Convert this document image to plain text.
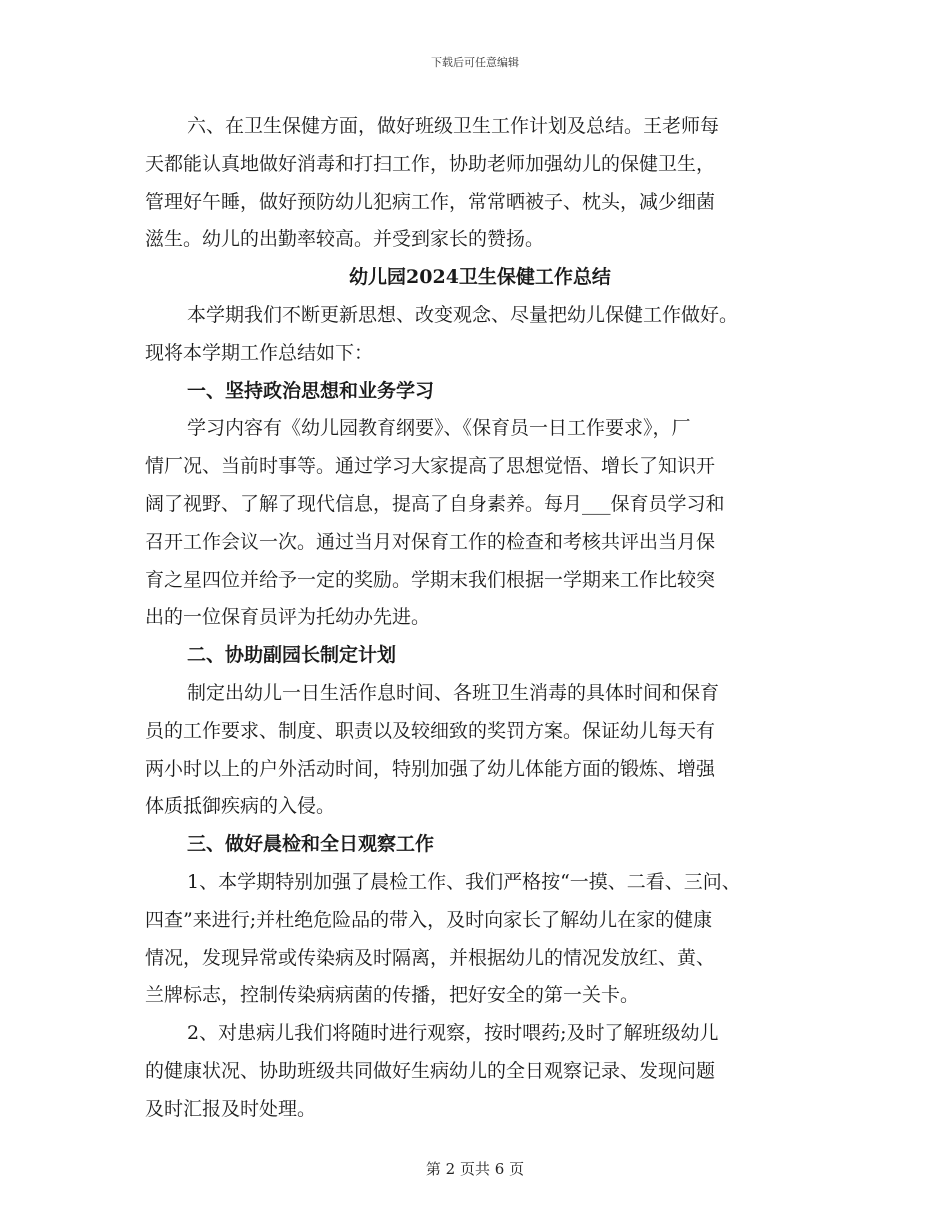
下载后可任意编辑
六、在卫生保健方面，做好班级卫生工作计划及总结。王老师每
天都能认真地做好消毒和打扫工作，协助老师加强幼儿的保健卫生，
管理好午睡，做好预防幼儿犯病工作，常常晒被子、枕头，减少细菌
滋生。幼儿的出勤率较高。并受到家长的赞扬。
幼儿园2024卫生保健工作总结
本学期我们不断更新思想、改变观念、尽量把幼儿保健工作做好。
现将本学期工作总结如下：
一、坚持政治思想和业务学习
学习内容有《幼儿园教育纲要》、《保育员一日工作要求》，厂
情厂况、当前时事等。通过学习大家提高了思想觉悟、增长了知识开
阔了视野、了解了现代信息，提高了自身素养。每月___保育员学习和
召开工作会议一次。通过当月对保育工作的检查和考核共评出当月保
育之星四位并给予一定的奖励。学期末我们根据一学期来工作比较突
出的一位保育员评为托幼办先进。
二、协助副园长制定计划
制定出幼儿一日生活作息时间、各班卫生消毒的具体时间和保育
员的工作要求、制度、职责以及较细致的奖罚方案。保证幼儿每天有
两小时以上的户外活动时间，特别加强了幼儿体能方面的锻炼、增强
体质抵御疾病的入侵。
三、做好晨检和全日观察工作
1、本学期特别加强了晨检工作、我们严格按“一摸、二看、三问、
四查”来进行;并杜绝危险品的带入，及时向家长了解幼儿在家的健康
情况，发现异常或传染病及时隔离，并根据幼儿的情况发放红、黄、
兰牌标志，控制传染病病菌的传播，把好安全的第一关卡。
2、对患病儿我们将随时进行观察，按时喂药;及时了解班级幼儿
的健康状况、协助班级共同做好生病幼儿的全日观察记录、发现问题
及时汇报及时处理。
第 2 页共 6 页
